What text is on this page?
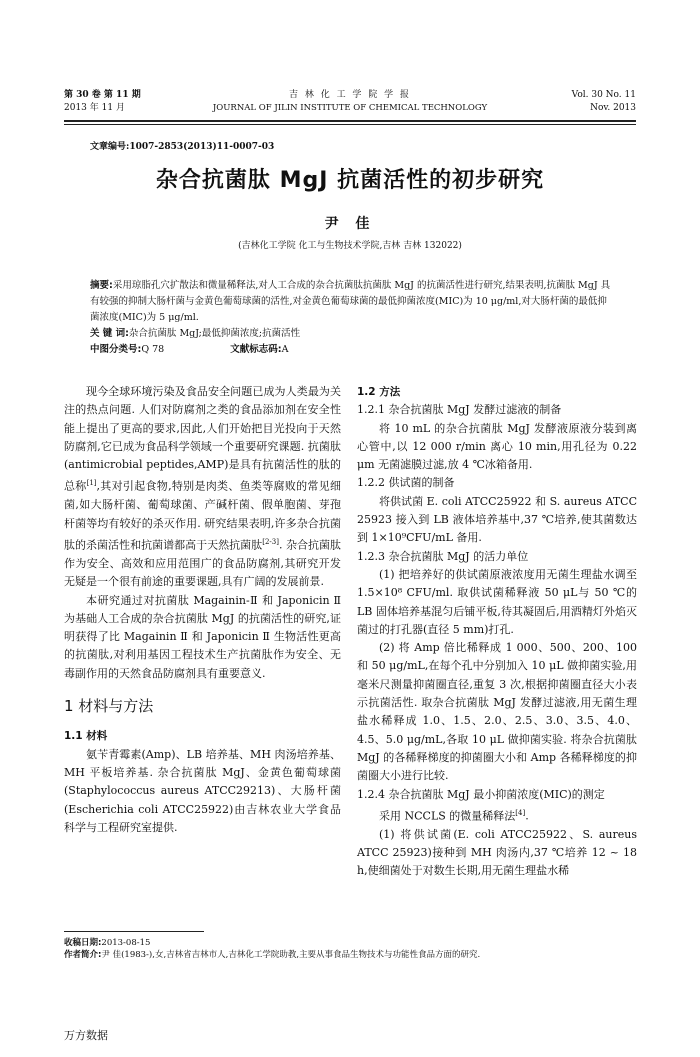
第 30 卷 第 11 期
2013 年 11 月
吉 林 化 工 学 院 学 报
JOURNAL OF JILIN INSTITUTE OF CHEMICAL TECHNOLOGY
Vol. 30 No. 11
Nov. 2013
文章编号:1007-2853(2013)11-0007-03
杂合抗菌肽 MgJ 抗菌活性的初步研究
尹 佳
(吉林化工学院 化工与生物技术学院,吉林 吉林 132022)
摘要:采用琼脂孔穴扩散法和微量稀释法,对人工合成的杂合抗菌肽抗菌肽 MgJ 的抗菌活性进行研究,结果表明,抗菌肽 MgJ 具有较强的抑制大肠杆菌与金黄色葡萄球菌的活性,对金黄色葡萄球菌的最低抑菌浓度(MIC)为 10 μg/ml,对大肠杆菌的最低抑菌浓度(MIC)为 5 μg/ml.
关 键 词:杂合抗菌肽 MgJ;最低抑菌浓度;抗菌活性
中图分类号:Q 78	文献标志码:A

现今全球环境污染及食品安全问题已成为人类最为关注的热点问题. 人们对防腐剂之类的食品添加剂在安全性能上提出了更高的要求,因此,人们开始把目光投向于天然防腐剂,它已成为食品科学领域一个重要研究课题. 抗菌肽(antimicrobial peptides,AMP)是具有抗菌活性的肽的总称[1],其对引起食物,特别是肉类、鱼类等腐败的常见细菌,如大肠杆菌、葡萄球菌、产碱杆菌、假单胞菌、芽孢杆菌等均有较好的杀灭作用. 研究结果表明,许多杂合抗菌肽的杀菌活性和抗菌谱都高于天然抗菌肽[2-3]. 杂合抗菌肽作为安全、高效和应用范围广的食品防腐剂,其研究开发无疑是一个很有前途的重要课题,具有广阔的发展前景.

本研究通过对抗菌肽 Magainin-Ⅱ 和 Japonicin Ⅱ 为基础人工合成的杂合抗菌肽 MgJ 的抗菌活性的研究,证明获得了比 Magainin Ⅱ 和 Japonicin Ⅱ 生物活性更高的抗菌肽,对利用基因工程技术生产抗菌肽作为安全、无毒副作用的天然食品防腐剂具有重要意义.

1 材料与方法
1.1 材料

氨苄青霉素(Amp)、LB 培养基、MH 肉汤培养基、MH 平板培养基. 杂合抗菌肽 MgJ、金黄色葡萄球菌(Staphylococcus aureus ATCC29213)、大肠杆菌(Escherichia coli ATCC25922)由吉林农业大学食品科学与工程研究室提供.

1.2 方法
1.2.1 杂合抗菌肽 MgJ 发酵过滤液的制备

将 10 mL 的杂合抗菌肽 MgJ 发酵液原液分装到离心管中,以 12 000 r/min 离心 10 min,用孔径为 0.22 μm 无菌滤膜过滤,放 4 ℃冰箱备用.

1.2.2 供试菌的制备

将供试菌 E. coli ATCC25922 和 S. aureus ATCC 25923 接入到 LB 液体培养基中,37 ℃培养,使其菌数达到 1×10⁹CFU/mL 备用.

1.2.3 杂合抗菌肽 MgJ 的活力单位

(1) 把培养好的供试菌原液浓度用无菌生理盐水调至 1.5×10⁸ CFU/ml. 取供试菌稀释液 50 μL与 50 ℃的 LB 固体培养基混匀后铺平板,待其凝固后,用酒精灯外焰灭菌过的打孔器(直径 5 mm)打孔.

(2) 将 Amp 倍比稀释成 1 000、500、200、100 和 50 μg/mL,在每个孔中分别加入 10 μL 做抑菌实验,用毫米尺测量抑菌圈直径,重复 3 次,根据抑菌圈直径大小表示抗菌活性. 取杂合抗菌肽 MgJ 发酵过滤液,用无菌生理盐水稀释成 1.0、1.5、2.0、2.5、3.0、3.5、4.0、4.5、5.0 μg/mL,各取 10 μL 做抑菌实验. 将杂合抗菌肽 MgJ 的各稀释梯度的抑菌圈大小和 Amp 各稀释梯度的抑菌圈大小进行比较.

1.2.4 杂合抗菌肽 MgJ 最小抑菌浓度(MIC)的测定

采用 NCCLS 的微量稀释法[4].

(1) 将供试菌(E. coli ATCC25922、S. aureus ATCC 25923)接种到 MH 肉汤内,37 ℃培养 12 ~ 18 h,使细菌处于对数生长期,用无菌生理盐水稀

收稿日期:2013-08-15
作者简介:尹 佳(1983-),女,吉林省吉林市人,吉林化工学院助教,主要从事食品生物技术与功能性食品方面的研究.
万方数据
